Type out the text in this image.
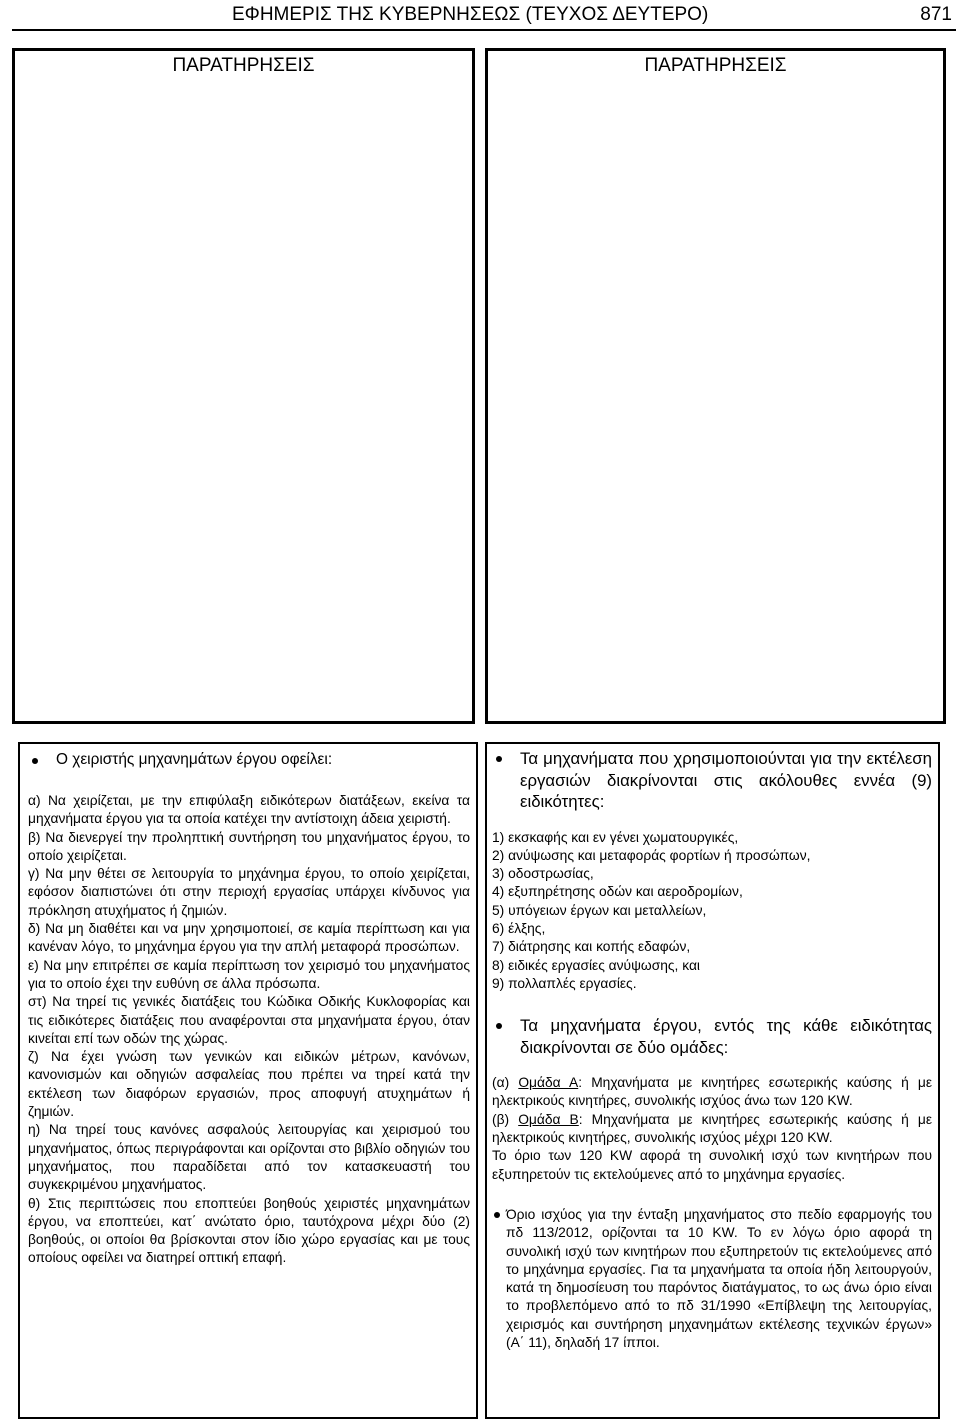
ΕΦΗΜΕΡΙΣ ΤΗΣ ΚΥΒΕΡΝΗΣΕΩΣ (ΤΕΥΧΟΣ ΔΕΥΤΕΡΟ)	871
ΠΑΡΑΤΗΡΗΣΕΙΣ	ΠΑΡΑΤΗΡΗΣΕΙΣ
Ο χειριστής μηχανημάτων έργου οφείλει:

α) Να χειρίζεται, με την επιφύλαξη ειδικότερων διατάξεων, εκείνα τα μηχανήματα έργου για τα οποία κατέχει την αντίστοιχη άδεια χειριστή.

β) Να διενεργεί την προληπτική συντήρηση του μηχανήματος έργου, το οποίο χειρίζεται.

γ) Να μην θέτει σε λειτουργία το μηχάνημα έργου, το οποίο χειρίζεται, εφόσον διαπιστώνει ότι στην περιοχή εργασίας υπάρχει κίνδυνος για πρόκληση ατυχήματος ή ζημιών.

δ) Να μη διαθέτει και να μην χρησιμοποιεί, σε καμία περίπτωση και για κανέναν λόγο, το μηχάνημα έργου για την απλή μεταφορά προσώπων.

ε) Να μην επιτρέπει σε καμία περίπτωση τον χειρισμό του μηχανήματος για το οποίο έχει την ευθύνη σε άλλα πρόσωπα.

στ) Να τηρεί τις γενικές διατάξεις του Κώδικα Οδικής Κυκλοφορίας και τις ειδικότερες διατάξεις που αναφέρονται στα μηχανήματα έργου, όταν κινείται επί των οδών της χώρας.

ζ) Να έχει γνώση των γενικών και ειδικών μέτρων, κανόνων, κανονισμών και οδηγιών ασφαλείας που πρέπει να τηρεί κατά την εκτέλεση των διαφόρων εργασιών, προς αποφυγή ατυχημάτων ή ζημιών.

η) Να τηρεί τους κανόνες ασφαλούς λειτουργίας και χειρισμού του μηχανήματος, όπως περιγράφονται και ορίζονται στο βιβλίο οδηγιών του μηχανήματος, που παραδίδεται από τον κατασκευαστή του συγκεκριμένου μηχανήματος.

θ) Στις περιπτώσεις που εποπτεύει βοηθούς χειριστές μηχανημάτων έργου, να εποπτεύει, κατ΄ ανώτατο όριο, ταυτόχρονα μέχρι δύο (2) βοηθούς, οι οποίοι θα βρίσκονται στον ίδιο χώρο εργασίας και με τους οποίους οφείλει να διατηρεί οπτική επαφή.

Τα μηχανήματα που χρησιμοποιούνται για την εκτέλεση εργασιών διακρίνονται στις ακόλουθες εννέα (9) ειδικότητες:

1) εκσκαφής και εν γένει χωματουργικές,

2) ανύψωσης και μεταφοράς φορτίων ή προσώπων,

3) οδοστρωσίας,

4) εξυπηρέτησης οδών και αεροδρομίων,

5) υπόγειων έργων και μεταλλείων,

6) έλξης,

7) διάτρησης και κοπής εδαφών,

8) ειδικές εργασίες ανύψωσης, και

9) πολλαπλές εργασίες.

Τα μηχανήματα έργου, εντός της κάθε ειδικότητας διακρίνονται σε δύο ομάδες:

(α) Ομάδα Α: Μηχανήματα με κινητήρες εσωτερικής καύσης ή με ηλεκτρικούς κινητήρες, συνολικής ισχύος άνω των 120 KW.

(β) Ομάδα Β: Μηχανήματα με κινητήρες εσωτερικής καύσης ή με ηλεκτρικούς κινητήρες, συνολικής ισχύος μέχρι 120 KW.

Το όριο των 120 KW αφορά τη συνολική ισχύ των κινητήρων που εξυπηρετούν τις εκτελούμενες από το μηχάνημα εργασίες.

Όριο ισχύος για την ένταξη μηχανήματος στο πεδίο εφαρμογής του πδ 113/2012, ορίζονται τα 10 KW. Το εν λόγω όριο αφορά τη συνολική ισχύ των κινητήρων που εξυπηρετούν τις εκτελούμενες από το μηχάνημα εργασίες. Για τα μηχανήματα τα οποία ήδη λειτουργούν, κατά τη δημοσίευση του παρόντος διατάγματος, το ως άνω όριο είναι το προβλεπόμενο από το πδ 31/1990 «Επίβλεψη της λειτουργίας, χειρισμός και συντήρηση μηχανημάτων εκτέλεσης τεχνικών έργων» (Α΄ 11), δηλαδή 17 ίπποι.
